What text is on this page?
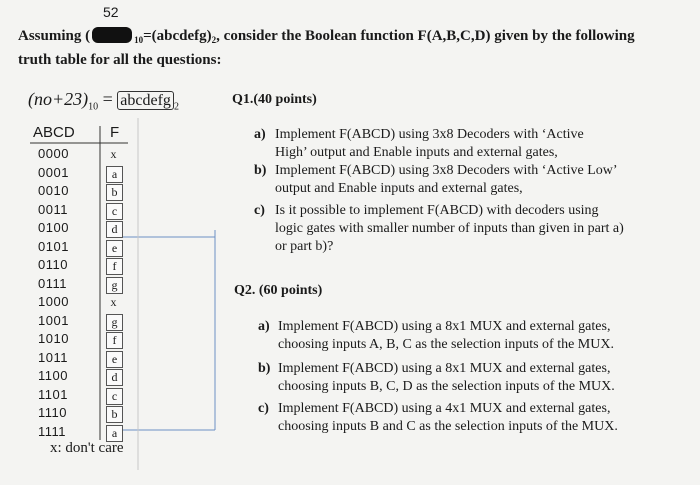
52
Assuming (	$_{10}=(abcdefg)_2$, consider the Boolean function F(A,B,C,D) given by the following
truth table for all the questions:
$(no+23)_{10}$ = abcdefg $_2$
ABCD F
0000	x
0001	a
0010	b
0011	c
0100	d
0101	e
0110	f
0111	g
1000	x
1001	g
1010	f
1011	e
1100	d
1101	c
1110	b
1111	a
x: don't care
Q1.(40 points)
a) Implement F(ABCD) using 3x8 Decoders with ‘Active
High’ output and Enable inputs and external gates,
b) Implement F(ABCD) using 3x8 Decoders with ‘Active Low’
output and Enable inputs and external gates,
c) Is it possible to implement F(ABCD) with decoders using
logic gates with smaller number of inputs than given in part a)
or part b)?
Q2. (60 points)
a) Implement F(ABCD) using a 8x1 MUX and external gates,
choosing inputs A, B, C as the selection inputs of the MUX.
b) Implement F(ABCD) using a 8x1 MUX and external gates,
choosing inputs B, C, D as the selection inputs of the MUX.
c) Implement F(ABCD) using a 4x1 MUX and external gates,
choosing inputs B and C as the selection inputs of the MUX.
